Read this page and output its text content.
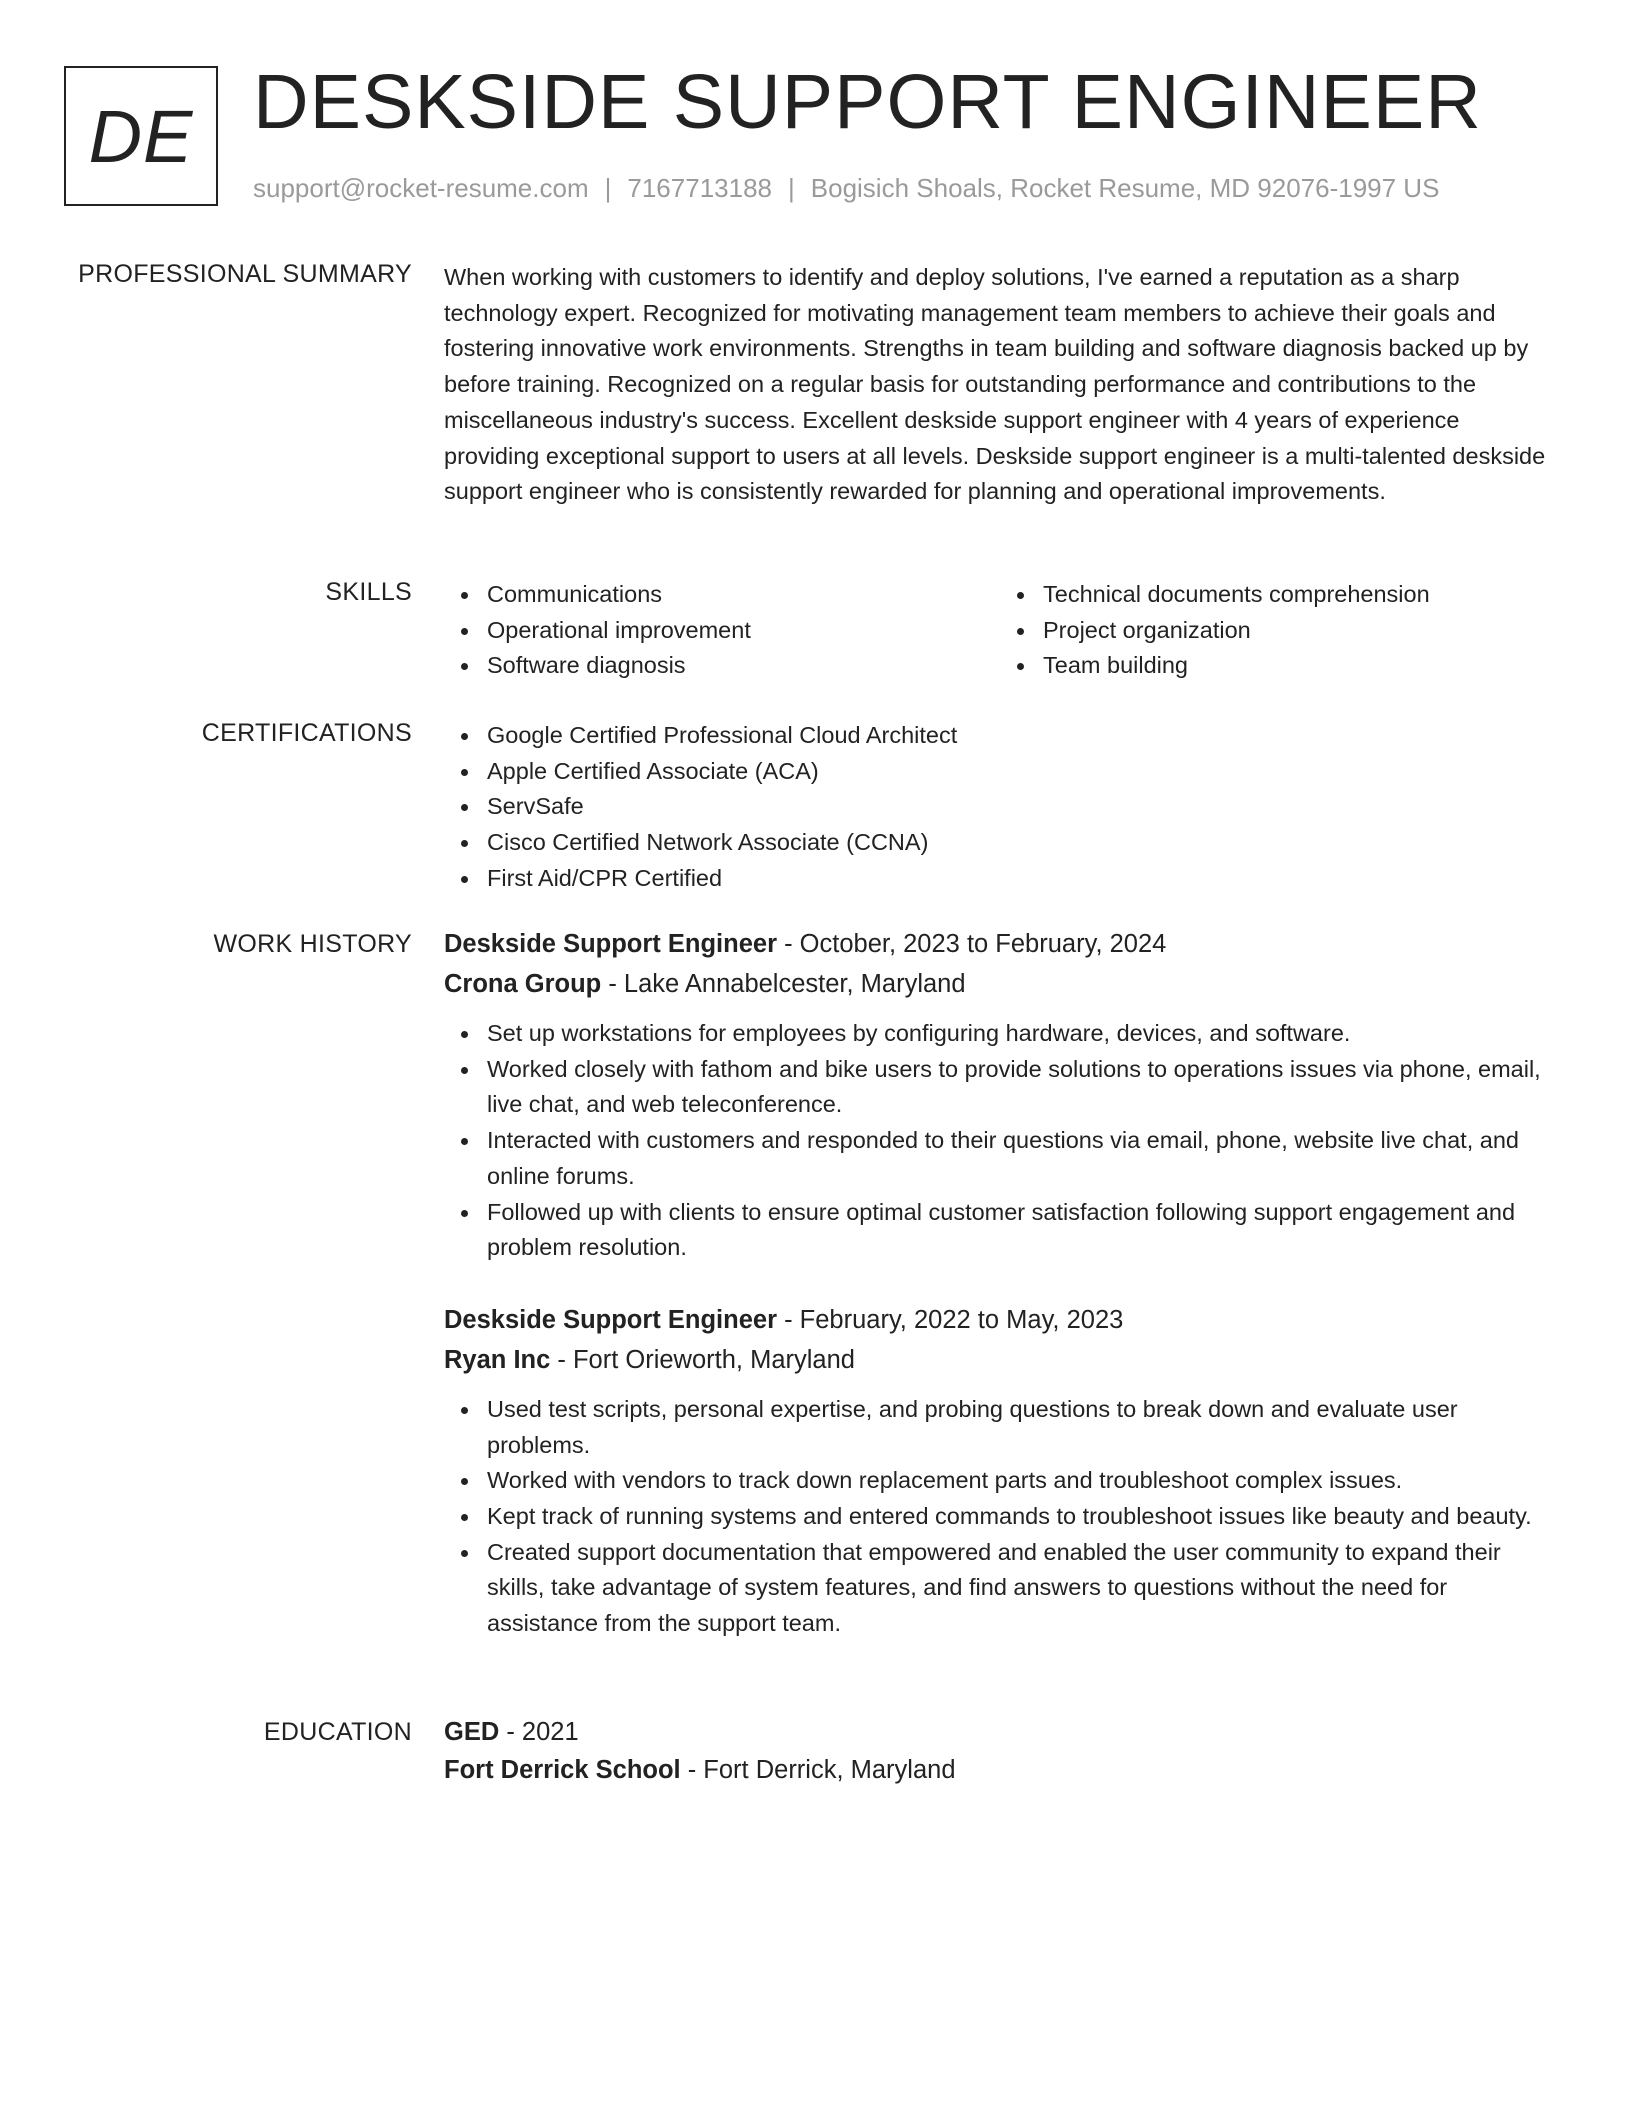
DE DESKSIDE SUPPORT ENGINEER
support@rocket-resume.com | 7167713188 | Bogisich Shoals, Rocket Resume, MD 92076-1997 US
PROFESSIONAL SUMMARY When working with customers to identify and deploy solutions, I've earned a reputation as a sharp technology expert. Recognized for motivating management team members to achieve their goals and fostering innovative work environments. Strengths in team building and software diagnosis backed up by before training. Recognized on a regular basis for outstanding performance and contributions to the miscellaneous industry's success. Excellent deskside support engineer with 4 years of experience providing exceptional support to users at all levels. Deskside support engineer is a multi-talented deskside support engineer who is consistently rewarded for planning and operational improvements.

SKILLS	Communications
Operational improvement
Software diagnosis
Technical documents comprehension
Project organization
Team building
CERTIFICATIONS	Google Certified Professional Cloud Architect
Apple Certified Associate (ACA)
ServSafe
Cisco Certified Network Associate (CCNA)
First Aid/CPR Certified
WORK HISTORY Deskside Support Engineer - October, 2023 to February, 2024
Crona Group - Lake Annabelcester, Maryland
Set up workstations for employees by configuring hardware, devices, and software.
Worked closely with fathom and bike users to provide solutions to operations issues via phone, email, live chat, and web teleconference.
Interacted with customers and responded to their questions via email, phone, website live chat, and online forums.
Followed up with clients to ensure optimal customer satisfaction following support engagement and problem resolution.
Deskside Support Engineer - February, 2022 to May, 2023
Ryan Inc - Fort Orieworth, Maryland
Used test scripts, personal expertise, and probing questions to break down and evaluate user problems.
Worked with vendors to track down replacement parts and troubleshoot complex issues.
Kept track of running systems and entered commands to troubleshoot issues like beauty and beauty.
Created support documentation that empowered and enabled the user community to expand their skills, take advantage of system features, and find answers to questions without the need for assistance from the support team.
EDUCATION GED - 2021
Fort Derrick School - Fort Derrick, Maryland
